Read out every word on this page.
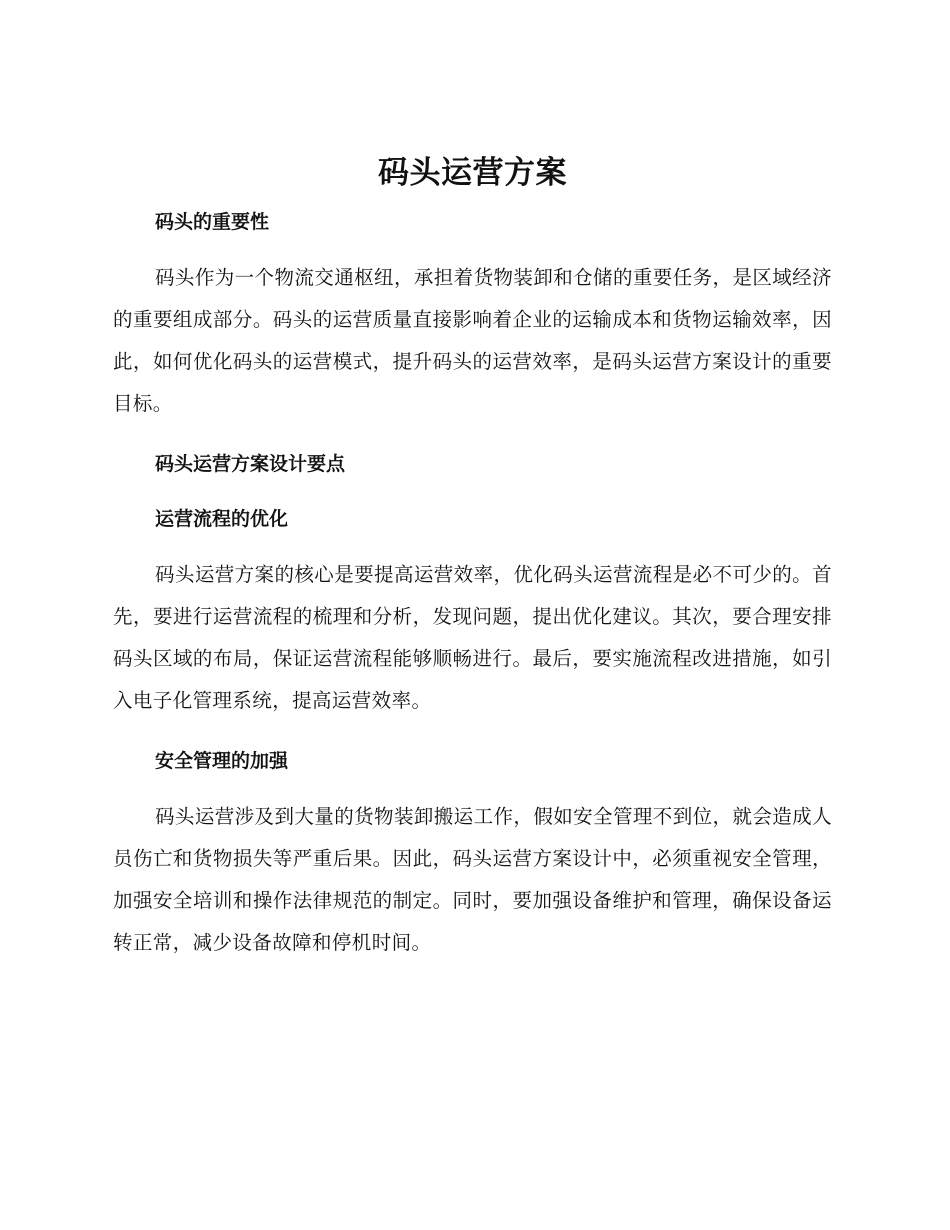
码头运营方案
码头的重要性

码头作为一个物流交通枢纽，承担着货物装卸和仓储的重要任务，是区域经济的重要组成部分。码头的运营质量直接影响着企业的运输成本和货物运输效率，因此，如何优化码头的运营模式，提升码头的运营效率，是码头运营方案设计的重要目标。

码头运营方案设计要点
运营流程的优化

码头运营方案的核心是要提高运营效率，优化码头运营流程是必不可少的。首先，要进行运营流程的梳理和分析，发现问题，提出优化建议。其次，要合理安排码头区域的布局，保证运营流程能够顺畅进行。最后，要实施流程改进措施，如引入电子化管理系统，提高运营效率。

安全管理的加强

码头运营涉及到大量的货物装卸搬运工作，假如安全管理不到位，就会造成人员伤亡和货物损失等严重后果。因此，码头运营方案设计中，必须重视安全管理，加强安全培训和操作法律规范的制定。同时，要加强设备维护和管理，确保设备运转正常，减少设备故障和停机时间。
